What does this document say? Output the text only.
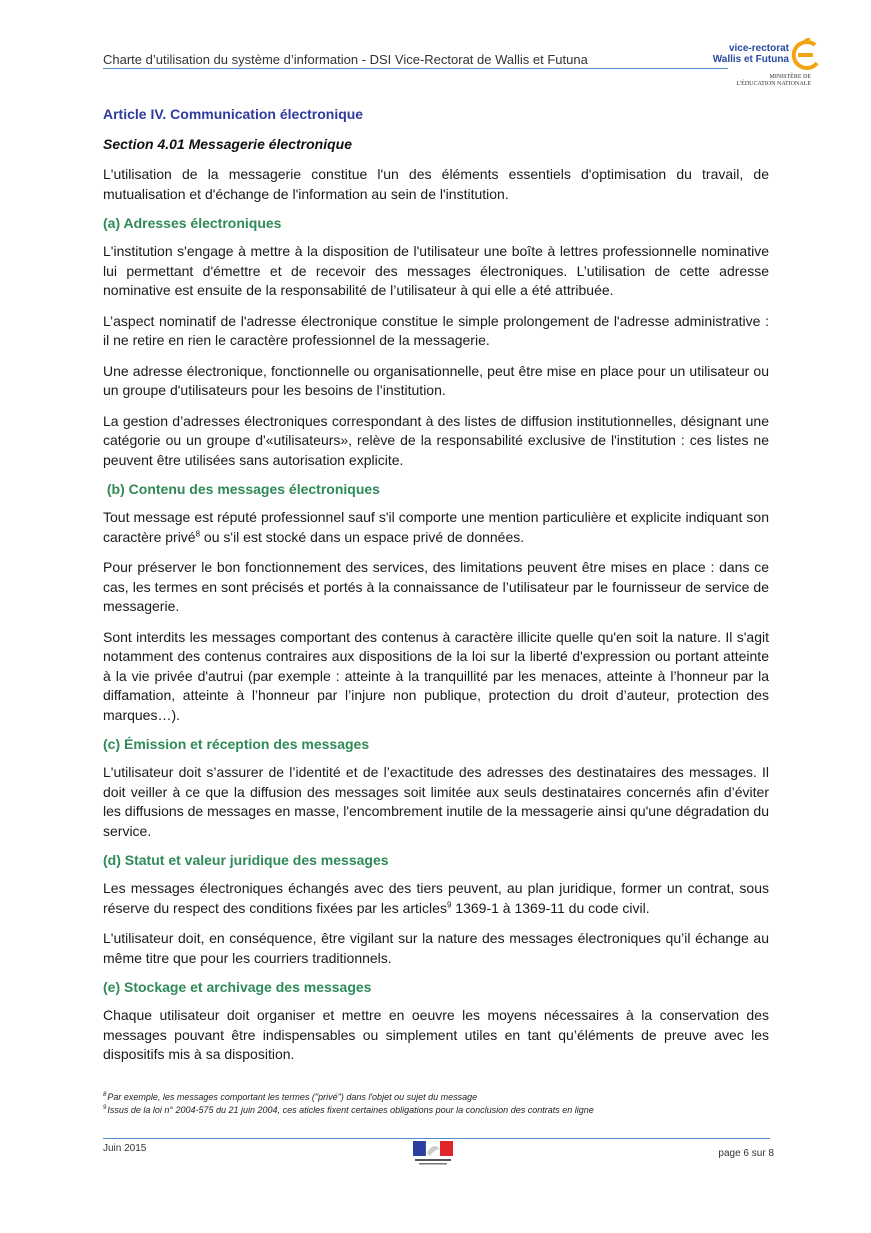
Charte d’utilisation du système d’information - DSI Vice-Rectorat de Wallis et Futuna
vice-rectorat
Wallis et Futuna
MINISTÈRE DE
L'ÉDUCATION NATIONALE
Article IV. Communication électronique
Section 4.01 Messagerie électronique

L'utilisation de la messagerie constitue l'un des éléments essentiels d'optimisation du travail, de mutualisation et d'échange de l'information au sein de l'institution.

(a) Adresses électroniques

L'institution s'engage à mettre à la disposition de l'utilisateur une boîte à lettres professionnelle nominative lui permettant d'émettre et de recevoir des messages électroniques. L’utilisation de cette adresse nominative est ensuite de la responsabilité de l’utilisateur à qui elle a été attribuée.

L’aspect nominatif de l'adresse électronique constitue le simple prolongement de l'adresse administrative : il ne retire en rien le caractère professionnel de la messagerie.

Une adresse électronique, fonctionnelle ou organisationnelle, peut être mise en place pour un utilisateur ou un groupe d'utilisateurs pour les besoins de l’institution.

La gestion d’adresses électroniques correspondant à des listes de diffusion institutionnelles, désignant une catégorie ou un groupe d'«utilisateurs», relève de la responsabilité exclusive de l'institution : ces listes ne peuvent être utilisées sans autorisation explicite.

(b) Contenu des messages électroniques

Tout message est réputé professionnel sauf s'il comporte une mention particulière et explicite indiquant son caractère privé$^8$ ou s'il est stocké dans un espace privé de données.

Pour préserver le bon fonctionnement des services, des limitations peuvent être mises en place : dans ce cas, les termes en sont précisés et portés à la connaissance de l’utilisateur par le fournisseur de service de messagerie.

Sont interdits les messages comportant des contenus à caractère illicite quelle qu'en soit la nature. Il s'agit notamment des contenus contraires aux dispositions de la loi sur la liberté d'expression ou portant atteinte à la vie privée d'autrui (par exemple : atteinte à la tranquillité par les menaces, atteinte à l’honneur par la diffamation, atteinte à l’honneur par l’injure non publique, protection du droit d’auteur, protection des marques…).

(c) Émission et réception des messages

L'utilisateur doit s’assurer de l’identité et de l’exactitude des adresses des destinataires des messages. Il doit veiller à ce que la diffusion des messages soit limitée aux seuls destinataires concernés afin d’éviter les diffusions de messages en masse, l'encombrement inutile de la messagerie ainsi qu'une dégradation du service.

(d) Statut et valeur juridique des messages

Les messages électroniques échangés avec des tiers peuvent, au plan juridique, former un contrat, sous réserve du respect des conditions fixées par les articles$^9$ 1369-1 à 1369-11 du code civil.

L'utilisateur doit, en conséquence, être vigilant sur la nature des messages électroniques qu’il échange au même titre que pour les courriers traditionnels.

(e) Stockage et archivage des messages

Chaque utilisateur doit organiser et mettre en oeuvre les moyens nécessaires à la conservation des messages pouvant être indispensables ou simplement utiles en tant qu’éléments de preuve avec les dispositifs mis à sa disposition.

$^8$Par exemple, les messages comportant les termes ("privé") dans l'objet ou sujet du message
$^9$Issus de la loi n° 2004-575 du 21 juin 2004, ces aticles fixent certaines obligations pour la conclusion des contrats en ligne
Juin 2015	page 6 sur 8
